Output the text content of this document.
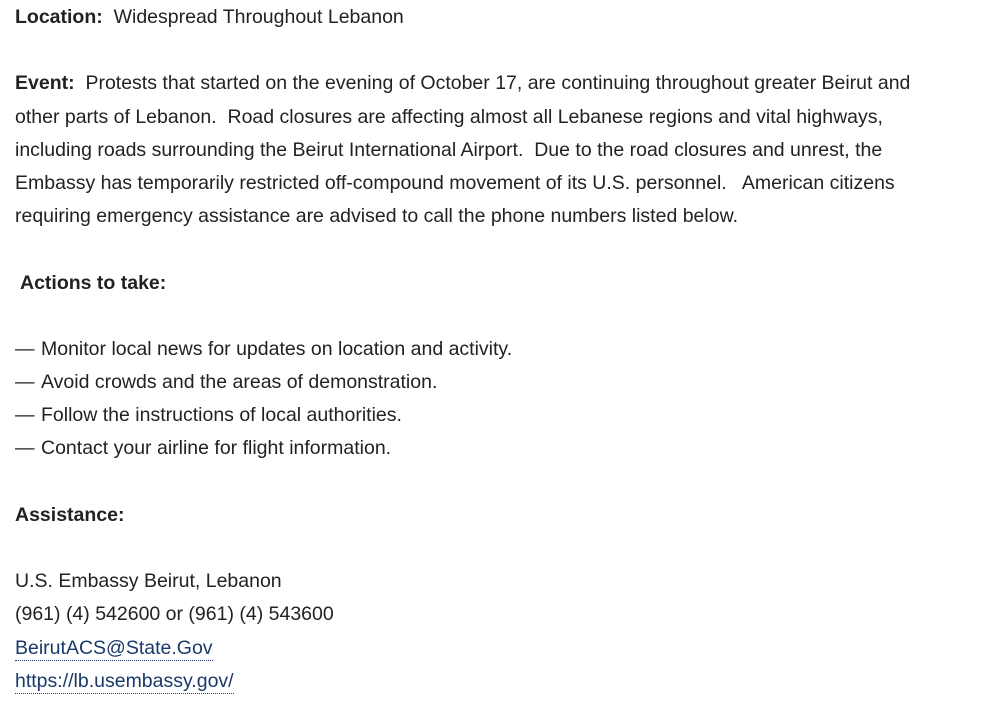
Location: Widespread Throughout Lebanon
Event: Protests that started on the evening of October 17, are continuing throughout greater Beirut and
other parts of Lebanon.  Road closures are affecting almost all Lebanese regions and vital highways,
including roads surrounding the Beirut International Airport.  Due to the road closures and unrest, the
Embassy has temporarily restricted off-compound movement of its U.S. personnel.   American citizens
requiring emergency assistance are advised to call the phone numbers listed below.
Actions to take:
— Monitor local news for updates on location and activity.
— Avoid crowds and the areas of demonstration.
— Follow the instructions of local authorities.
— Contact your airline for flight information.
Assistance:
U.S. Embassy Beirut, Lebanon
(961) (4) 542600 or (961) (4) 543600
BeirutACS@State.Gov
https://lb.usembassy.gov/
